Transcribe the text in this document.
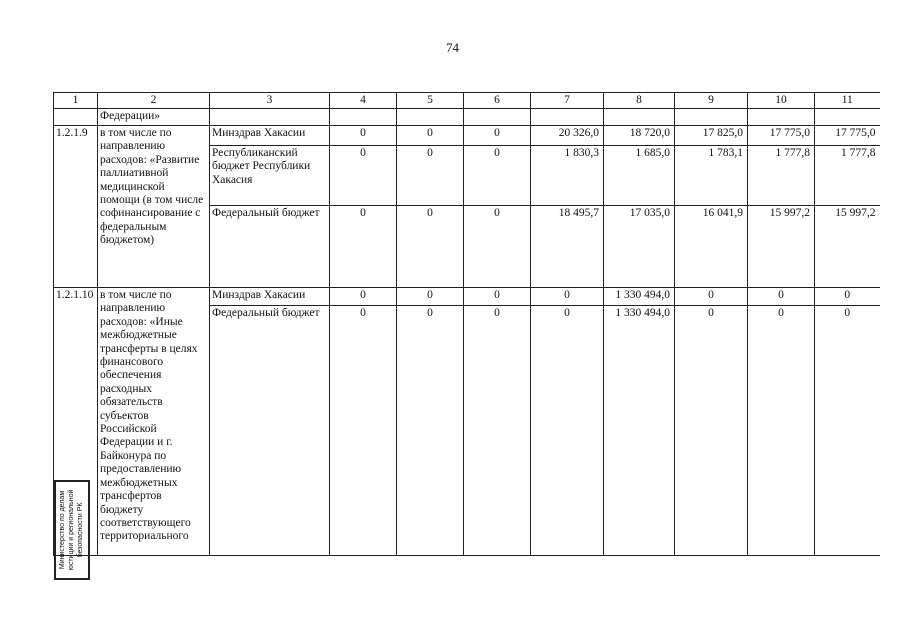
74
1	2	3	4	5	6	7	8	9	10	11
	Федерации»									
1.2.1.9	в том числе по направлению расходов: «Развитие паллиативной медицинской помощи (в том числе софинансирование с федеральным бюджетом)	Минздрав Хакасии	0	0	0	20 326,0	18 720,0	17 825,0	17 775,0	17 775,0
		Республиканский бюджет Республики Хакасия	0	0	0	1 830,3	1 685,0	1 783,1	1 777,8	1 777,8
		Федеральный бюджет	0	0	0	18 495,7	17 035,0	16 041,9	15 997,2	15 997,2
1.2.1.10	в том числе по направлению расходов: «Иные межбюджетные трансферты в целях финансового обеспечения расходных обязательств субъектов Российской Федерации и г. Байконура по предоставлению межбюджетных трансфертов бюджету соответствующего территориального	Минздрав Хакасии	0	0	0	0	1 330 494,0	0	0	0
		Федеральный бюджет	0	0	0	0	1 330 494,0	0	0	0
Министерство по делам юстиции и региональной безопасности РК
